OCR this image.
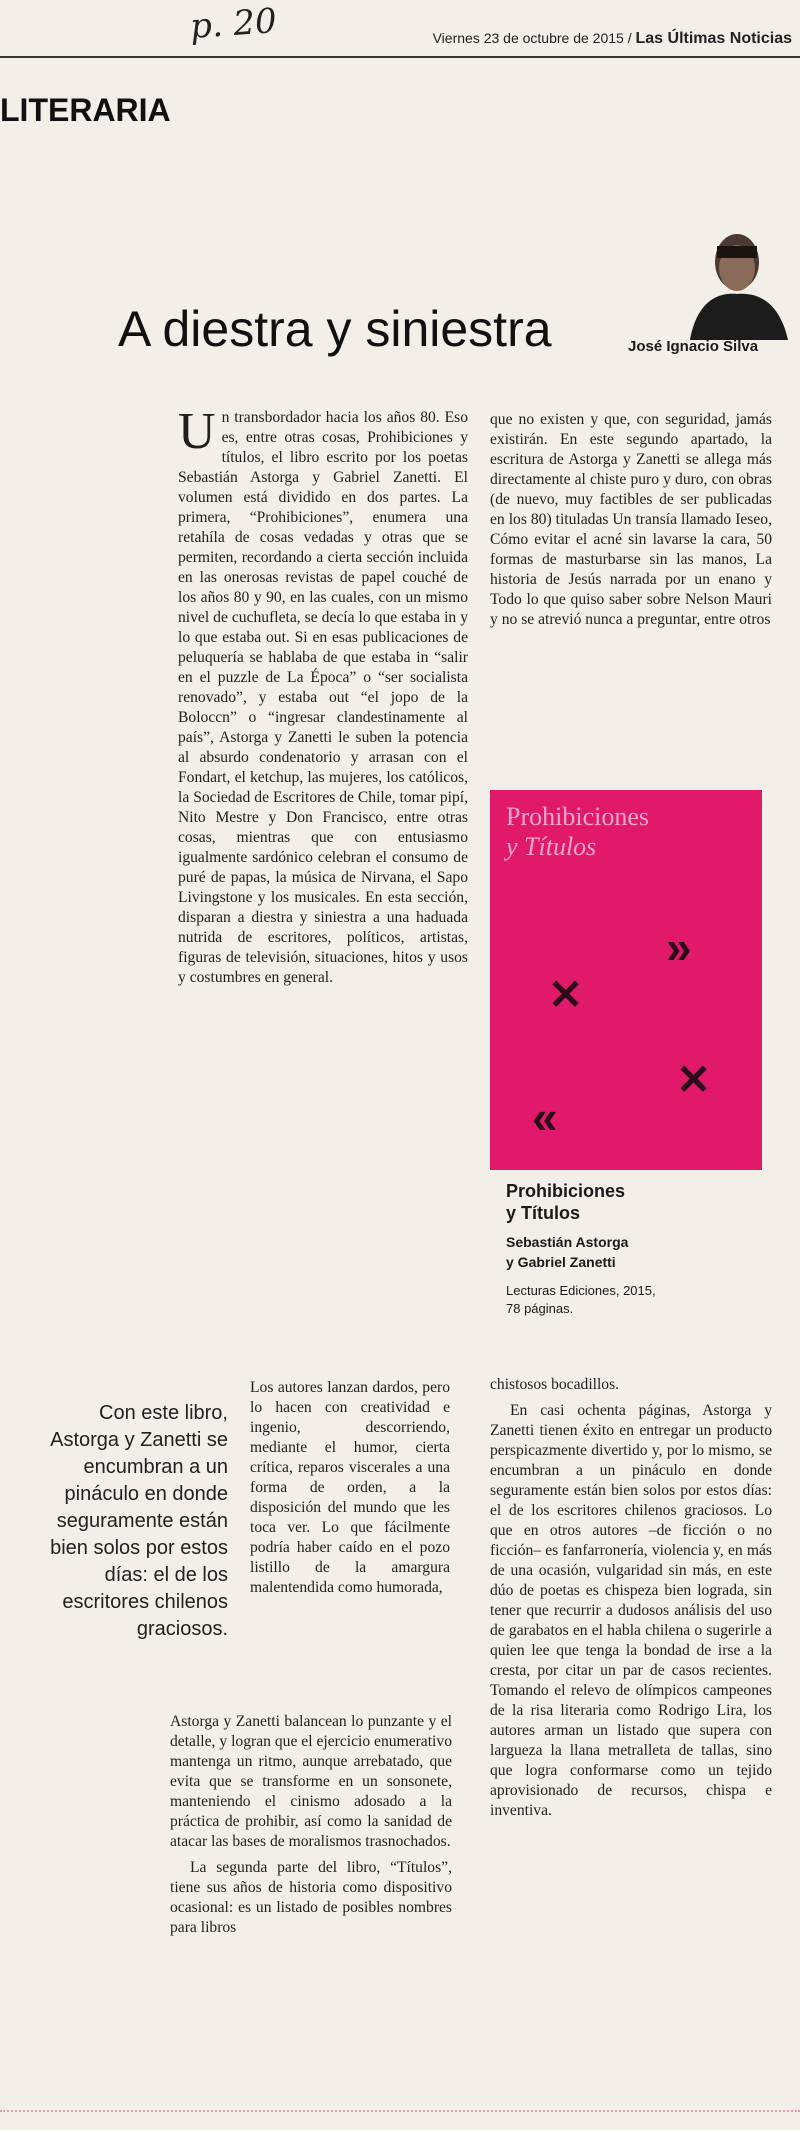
p. 20	Viernes 23 de octubre de 2015 / Las Últimas Noticias
LITERARIA
A diestra y siniestra	José Ignacio Silva
U n transbordador hacia los años 80. Eso es, entre otras cosas, Prohibiciones y títulos, el libro escrito por los poetas Sebastián Astorga y Gabriel Zanetti. El volumen está dividido en dos partes. La primera, “Prohibiciones”, enumera una retahíla de cosas vedadas y otras que se permiten, recordando a cierta sección incluida en las onerosas revistas de papel couché de los años 80 y 90, en las cuales, con un mismo nivel de cuchufleta, se decía lo que estaba in y lo que estaba out. Si en esas publicaciones de peluquería se hablaba de que estaba in “salir en el puzzle de La Época” o “ser socialista renovado”, y estaba out “el jopo de la Boloccn” o “ingresar clandestinamente al país”, Astorga y Zanetti le suben la potencia al absurdo condenatorio y arrasan con el Fondart, el ketchup, las mujeres, los católicos, la Sociedad de Escritores de Chile, tomar pipí, Nito Mestre y Don Francisco, entre otras cosas, mientras que con entusiasmo igualmente sardónico celebran el consumo de puré de papas, la música de Nirvana, el Sapo Livingstone y los musicales. En esta sección, disparan a diestra y siniestra a una haduada nutrida de escritores, políticos, artistas, figuras de televisión, situaciones, hitos y usos y costumbres en general.

que no existen y que, con seguridad, jamás existirán. En este segundo apartado, la escritura de Astorga y Zanetti se allega más directamente al chiste puro y duro, con obras (de nuevo, muy factibles de ser publicadas en los 80) tituladas Un transía llamado Ieseo, Cómo evitar el acné sin lavarse la cara, 50 formas de masturbarse sin las manos, La historia de Jesús narrada por un enano y Todo lo que quiso saber sobre Nelson Mauri y no se atrevió nunca a preguntar, entre otros

Prohibiciones
y Títulos
»
✕
✕
«
Prohibiciones
y Títulos
Sebastián Astorga
y Gabriel Zanetti
Lecturas Ediciones, 2015,
78 páginas.
Con este libro, Astorga y Zanetti se encumbran a un pináculo en donde seguramente están bien solos por estos días: el de los escritores chilenos graciosos.

Los autores lanzan dardos, pero lo hacen con creatividad e ingenio, descorriendo, mediante el humor, cierta crítica, reparos viscerales a una forma de orden, a la disposición del mundo que les toca ver. Lo que fácilmente podría haber caído en el pozo listillo de la amargura malentendida como humorada,

Astorga y Zanetti balancean lo punzante y el detalle, y logran que el ejercicio enumerativo mantenga un ritmo, aunque arrebatado, que evita que se transforme en un sonsonete, manteniendo el cinismo adosado a la práctica de prohibir, así como la sanidad de atacar las bases de moralismos trasnochados.

La segunda parte del libro, “Títulos”, tiene sus años de historia como dispositivo ocasional: es un listado de posibles nombres para libros

chistosos bocadillos.

En casi ochenta páginas, Astorga y Zanetti tienen éxito en entregar un producto perspicazmente divertido y, por lo mismo, se encumbran a un pináculo en donde seguramente están bien solos por estos días: el de los escritores chilenos graciosos. Lo que en otros autores –de ficción o no ficción– es fanfarronería, violencia y, en más de una ocasión, vulgaridad sin más, en este dúo de poetas es chispeza bien lograda, sin tener que recurrir a dudosos análisis del uso de garabatos en el habla chilena o sugerirle a quien lee que tenga la bondad de irse a la cresta, por citar un par de casos recientes. Tomando el relevo de olímpicos campeones de la risa literaria como Rodrigo Lira, los autores arman un listado que supera con largueza la llana metralleta de tallas, sino que logra conformarse como un tejido aprovisionado de recursos, chispa e inventiva.
